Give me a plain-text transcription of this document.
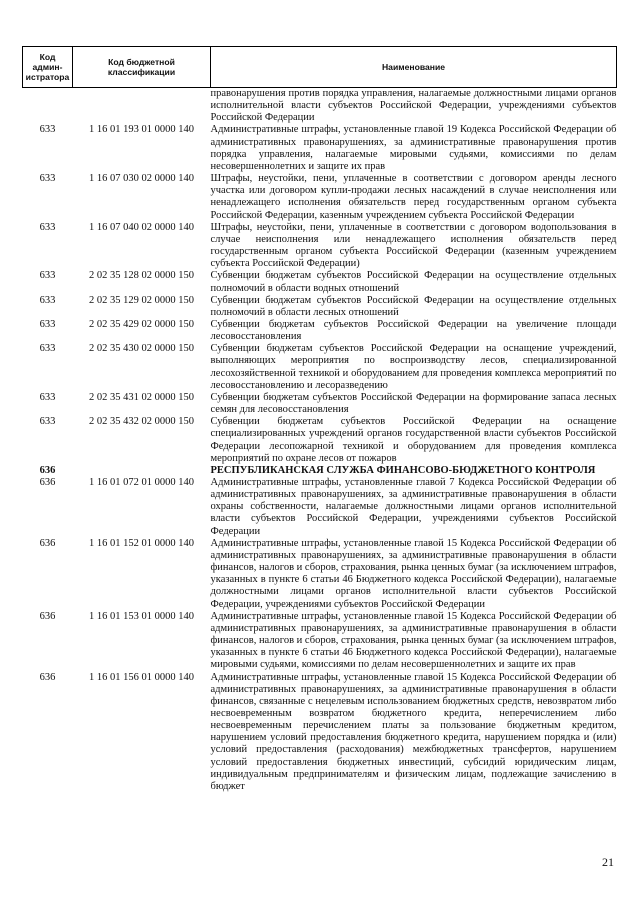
Код администратора	Код бюджетной классификации	Наименование
		правонарушения против порядка управления, налагаемые должностными лицами органов исполнительной власти субъектов Российской Федерации, учреждениями субъектов Российской Федерации
633	1 16 01 193 01 0000 140	Административные штрафы, установленные главой 19 Кодекса Российской Федерации об административных правонарушениях, за административные правонарушения против порядка управления, налагаемые мировыми судьями, комиссиями по делам несовершеннолетних и защите их прав
633	1 16 07 030 02 0000 140	Штрафы, неустойки, пени, уплаченные в соответствии с договором аренды лесного участка или договором купли-продажи лесных насаждений в случае неисполнения или ненадлежащего исполнения обязательств перед государственным органом субъекта Российской Федерации, казенным учреждением субъекта Российской Федерации
633	1 16 07 040 02 0000 140	Штрафы, неустойки, пени, уплаченные в соответствии с договором водопользования в случае неисполнения или ненадлежащего исполнения обязательств перед государственным органом субъекта Российской Федерации (казенным учреждением субъекта Российской Федерации)
633	2 02 35 128 02 0000 150	Субвенции бюджетам субъектов Российской Федерации на осуществление отдельных полномочий в области водных отношений
633	2 02 35 129 02 0000 150	Субвенции бюджетам субъектов Российской Федерации на осуществление отдельных полномочий в области лесных отношений
633	2 02 35 429 02 0000 150	Субвенции бюджетам субъектов Российской Федерации на увеличение площади лесовосстановления
633	2 02 35 430 02 0000 150	Субвенции бюджетам субъектов Российской Федерации на оснащение учреждений, выполняющих мероприятия по воспроизводству лесов, специализированной лесохозяйственной техникой и оборудованием для проведения комплекса мероприятий по лесовосстановлению и лесоразведению
633	2 02 35 431 02 0000 150	Субвенции бюджетам субъектов Российской Федерации на формирование запаса лесных семян для лесовосстановления
633	2 02 35 432 02 0000 150	Субвенции бюджетам субъектов Российской Федерации на оснащение специализированных учреждений органов государственной власти субъектов Российской Федерации лесопожарной техникой и оборудованием для проведения комплекса мероприятий по охране лесов от пожаров
636		РЕСПУБЛИКАНСКАЯ СЛУЖБА ФИНАНСОВО-БЮДЖЕТНОГО КОНТРОЛЯ
636	1 16 01 072 01 0000 140	Административные штрафы, установленные главой 7 Кодекса Российской Федерации об административных правонарушениях, за административные правонарушения в области охраны собственности, налагаемые должностными лицами органов исполнительной власти субъектов Российской Федерации, учреждениями субъектов Российской Федерации
636	1 16 01 152 01 0000 140	Административные штрафы, установленные главой 15 Кодекса Российской Федерации об административных правонарушениях, за административные правонарушения в области финансов, налогов и сборов, страхования, рынка ценных бумаг (за исключением штрафов, указанных в пункте 6 статьи 46 Бюджетного кодекса Российской Федерации), налагаемые должностными лицами органов исполнительной власти субъектов Российской Федерации, учреждениями субъектов Российской Федерации
636	1 16 01 153 01 0000 140	Административные штрафы, установленные главой 15 Кодекса Российской Федерации об административных правонарушениях, за административные правонарушения в области финансов, налогов и сборов, страхования, рынка ценных бумаг (за исключением штрафов, указанных в пункте 6 статьи 46 Бюджетного кодекса Российской Федерации), налагаемые мировыми судьями, комиссиями по делам несовершеннолетних и защите их прав
636	1 16 01 156 01 0000 140	Административные штрафы, установленные главой 15 Кодекса Российской Федерации об административных правонарушениях, за административные правонарушения в области финансов, связанные с нецелевым использованием бюджетных средств, невозвратом либо несвоевременным возвратом бюджетного кредита, неперечислением либо несвоевременным перечислением платы за пользование бюджетным кредитом, нарушением условий предоставления бюджетного кредита, нарушением порядка и (или) условий предоставления (расходования) межбюджетных трансфертов, нарушением условий предоставления бюджетных инвестиций, субсидий юридическим лицам, индивидуальным предпринимателям и физическим лицам, подлежащие зачислению в бюджет
21
